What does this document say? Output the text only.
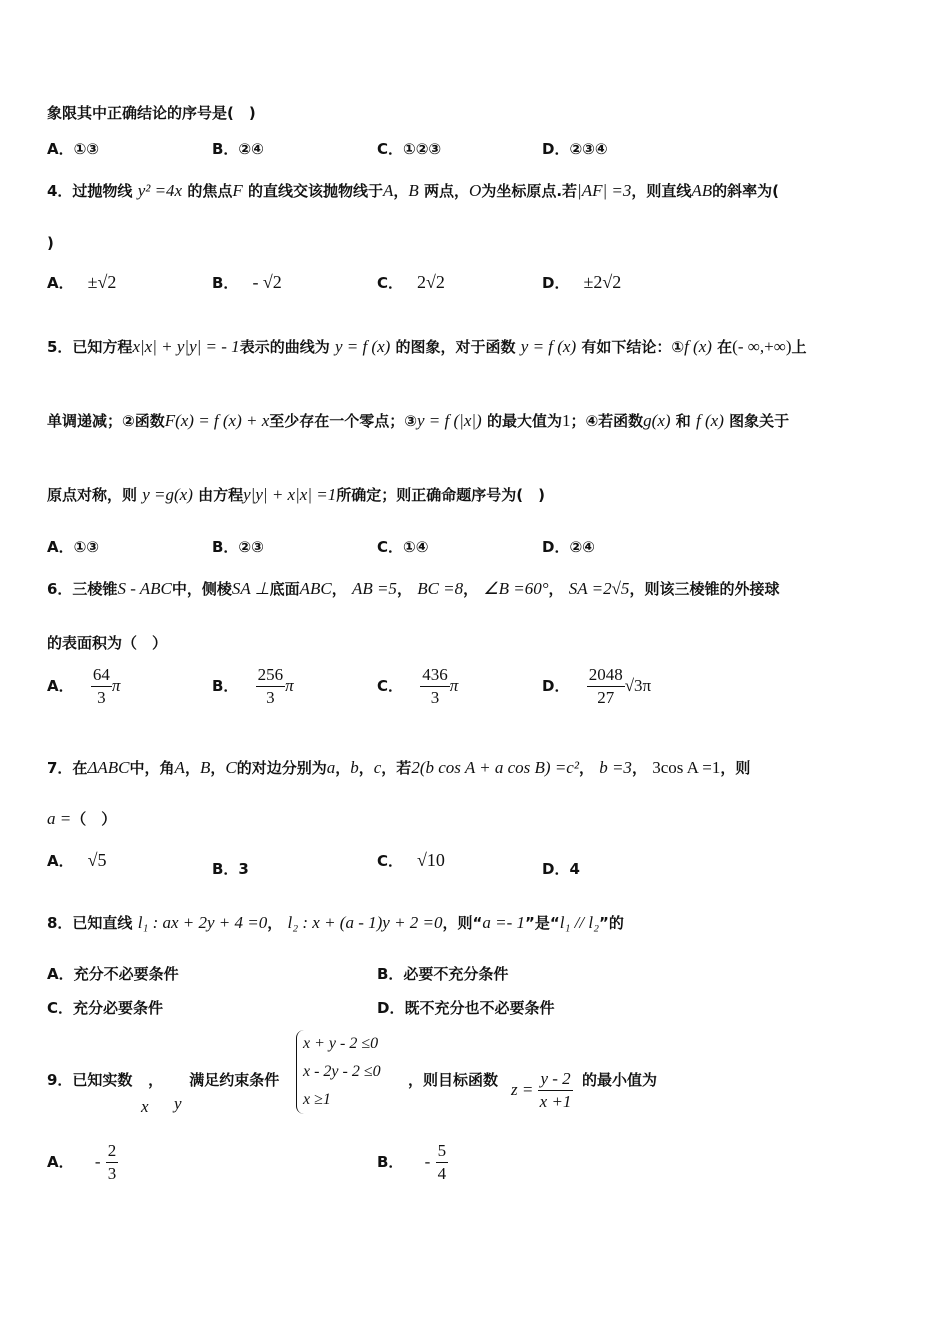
象限其中正确结论的序号是(　)
A．①③	B．②④	C．①②③	D．②③④
4．过抛物线 y² =4x 的焦点F 的直线交该抛物线于A，B 两点，O为坐标原点.若|AF| =3，则直线AB的斜率为(
)
A． ±√2	B． - √2	C． 2√2	D． ±2√2
5．已知方程x|x| + y|y| = - 1表示的曲线为 y = f (x) 的图象，对于函数 y = f (x) 有如下结论：①f (x) 在(- ∞,+∞)上
单调递减；②函数F(x) = f (x) + x至少存在一个零点；③y = f (|x|) 的最大值为1；④若函数g(x) 和 f (x) 图象关于
原点对称，则 y =g(x) 由方程y|y| + x|x| =1所确定；则正确命题序号为(　)
A．①③	B．②③	C．①④	D．②④
6．三棱锥S - ABC中，侧棱SA ⊥底面ABC， AB =5， BC =8， ∠B =60°， SA =2√5，则该三棱锥的外接球
的表面积为（　）
A． $\frac{64}{3}$ π	B． $\frac{256}{3}$ π	C． $\frac{436}{3}$ π	D． $\frac{2048}{27} √3\pi$
7．在ΔABC中，角A，B，C的对边分别为a，b，c，若2(b cos A + a cos B) =c²， b =3， 3cos A =1，则
a =（　）
A． √5	B．3	C． √10	D．4
8．已知直线 l₁ : ax + 2y + 4 =0， l₂ : x + (a - 1)y + 2 =0，则“a =- 1”是“l₁ // l₂”的
A．充分不必要条件	B．必要不充分条件
C．充分必要条件	D．既不充分也不必要条件
9．已知实数 ， 满足约束条件
x y
x + y - 2 ≤0
x - 2y - 2 ≤0
x ≥1
，则目标函数 $z = \frac{y - 2}{x +1}$ 的最小值为
A． - $\frac{2}{3}$	B． - $\frac{5}{4}$
